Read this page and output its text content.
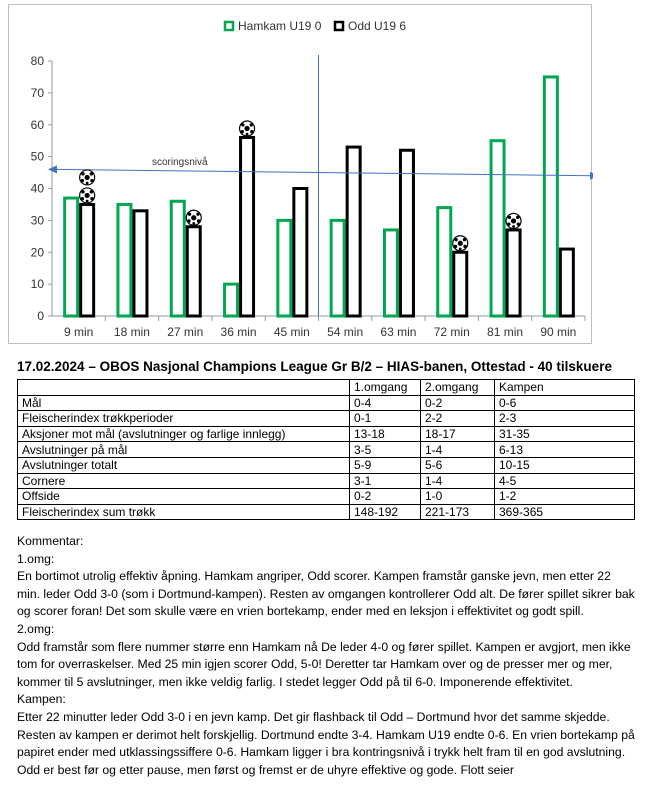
0
10
20
30
40
50
60
70
80
9 min 18 min 27 min 36 min 45 min 54 min 63 min 72 min 81 min 90 min
scoringsnivå
Hamkam U19 0 Odd U19 6
17.02.2024 – OBOS Nasjonal Champions League Gr B/2 – HIAS-banen, Ottestad - 40 tilskuere
	1.omgang	2.omgang	Kampen
Mål	0-4	0-2	0-6
Fleischerindex trøkkperioder	0-1	2-2	2-3
Aksjoner mot mål (avslutninger og farlige innlegg)	13-18	18-17	31-35
Avslutninger på mål	3-5	1-4	6-13
Avslutninger totalt	5-9	5-6	10-15
Cornere	3-1	1-4	4-5
Offside	0-2	1-0	1-2
Fleischerindex sum trøkk	148-192	221-173	369-365

Kommentar:

1.omg:

En bortimot utrolig effektiv åpning. Hamkam angriper, Odd scorer. Kampen framstår ganske jevn, men etter 22 min. leder Odd 3-0 (som i Dortmund-kampen). Resten av omgangen kontrollerer Odd alt. De fører spillet sikrer bak og scorer foran! Det som skulle være en vrien bortekamp, ender med en leksjon i effektivitet og godt spill.

2.omg:

Odd framstår som flere nummer større enn Hamkam nå De leder 4-0 og fører spillet. Kampen er avgjort, men ikke tom for overraskelser. Med 25 min igjen scorer Odd, 5-0! Deretter tar Hamkam over og de presser mer og mer, kommer til 5 avslutninger, men ikke veldig farlig. I stedet legger Odd på til 6-0. Imponerende effektivitet.

Kampen:

Etter 22 minutter leder Odd 3-0 i en jevn kamp. Det gir flashback til Odd – Dortmund hvor det samme skjedde. Resten av kampen er derimot helt forskjellig. Dortmund endte 3-4. Hamkam U19 endte 0-6. En vrien bortekamp på papiret ender med utklassingssiffere 0-6. Hamkam ligger i bra kontringsnivå i trykk helt fram til en god avslutning. Odd er best før og etter pause, men først og fremst er de uhyre effektive og gode. Flott seier
